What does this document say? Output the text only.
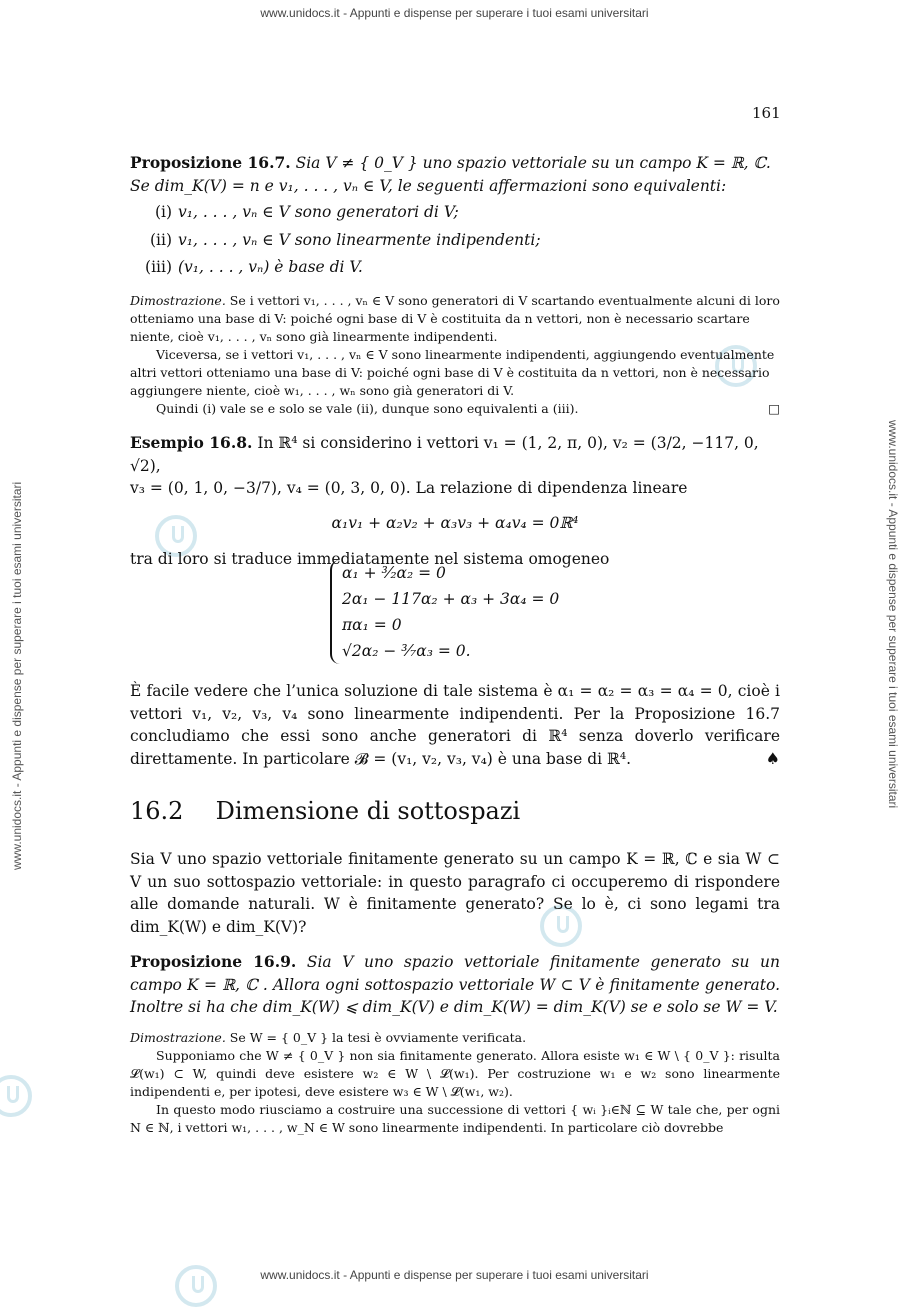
www.unidocs.it - Appunti e dispense per superare i tuoi esami universitari
www.unidocs.it - Appunti e dispense per superare i tuoi esami universitari
www.unidocs.it - Appunti e dispense per superare i tuoi esami universitari	www.unidocs.it - Appunti e dispense per superare i tuoi esami universitari
161
Proposizione 16.7. Sia V ≠ { 0_V } uno spazio vettoriale su un campo K = ℝ, ℂ.
Se dim_K(V) = n e v₁, . . . , vₙ ∈ V, le seguenti affermazioni sono equivalenti:
(i) v₁, . . . , vₙ ∈ V sono generatori di V;
(ii) v₁, . . . , vₙ ∈ V sono linearmente indipendenti;
(iii) (v₁, . . . , vₙ) è base di V.
Dimostrazione. Se i vettori v₁, . . . , vₙ ∈ V sono generatori di V scartando eventualmente alcuni di loro otteniamo una base di V: poiché ogni base di V è costituita da n vettori, non è necessario scartare niente, cioè v₁, . . . , vₙ sono già linearmente indipendenti.
Viceversa, se i vettori v₁, . . . , vₙ ∈ V sono linearmente indipendenti, aggiungendo eventualmente altri vettori otteniamo una base di V: poiché ogni base di V è costituita da n vettori, non è necessario aggiungere niente, cioè w₁, . . . , wₙ sono già generatori di V.
Quindi (i) vale se e solo se vale (ii), dunque sono equivalenti a (iii).	□
Esempio 16.8. In ℝ⁴ si considerino i vettori v₁ = (1, 2, π, 0), v₂ = (3/2, −117, 0, √2),
v₃ = (0, 1, 0, −3/7), v₄ = (0, 3, 0, 0). La relazione di dipendenza lineare
α₁v₁ + α₂v₂ + α₃v₃ + α₄v₄ = 0ℝ⁴
tra di loro si traduce immediatamente nel sistema omogeneo
α₁ + ³⁄₂α₂ = 0
2α₁ − 117α₂ + α₃ + 3α₄ = 0
πα₁ = 0
√2α₂ − ³⁄₇α₃ = 0.
È facile vedere che l’unica soluzione di tale sistema è α₁ = α₂ = α₃ = α₄ = 0, cioè i vettori v₁, v₂, v₃, v₄ sono linearmente indipendenti. Per la Proposizione 16.7 concludiamo che essi sono anche generatori di ℝ⁴ senza doverlo verificare direttamente. In particolare 𝓑 = (v₁, v₂, v₃, v₄) è una base di ℝ⁴.	♠
16.2 Dimensione di sottospazi
Sia V uno spazio vettoriale finitamente generato su un campo K = ℝ, ℂ e sia W ⊂ V un suo sottospazio vettoriale: in questo paragrafo ci occuperemo di rispondere alle domande naturali. W è finitamente generato? Se lo è, ci sono legami tra dim_K(W) e dim_K(V)?
Proposizione 16.9. Sia V uno spazio vettoriale finitamente generato su un campo K = ℝ, ℂ . Allora ogni sottospazio vettoriale W ⊂ V è finitamente generato. Inoltre si ha che dim_K(W) ⩽ dim_K(V) e dim_K(W) = dim_K(V) se e solo se W = V.
Dimostrazione. Se W = { 0_V } la tesi è ovviamente verificata.
Supponiamo che W ≠ { 0_V } non sia finitamente generato. Allora esiste w₁ ∈ W \ { 0_V }: risulta 𝓛(w₁) ⊂ W, quindi deve esistere w₂ ∈ W \ 𝓛(w₁). Per costruzione w₁ e w₂ sono linearmente indipendenti e, per ipotesi, deve esistere w₃ ∈ W \ 𝓛(w₁, w₂).
In questo modo riusciamo a costruire una successione di vettori { wᵢ }ᵢ∈ℕ ⊆ W tale che, per ogni N ∈ ℕ, i vettori w₁, . . . , w_N ∈ W sono linearmente indipendenti. In particolare ciò dovrebbe
